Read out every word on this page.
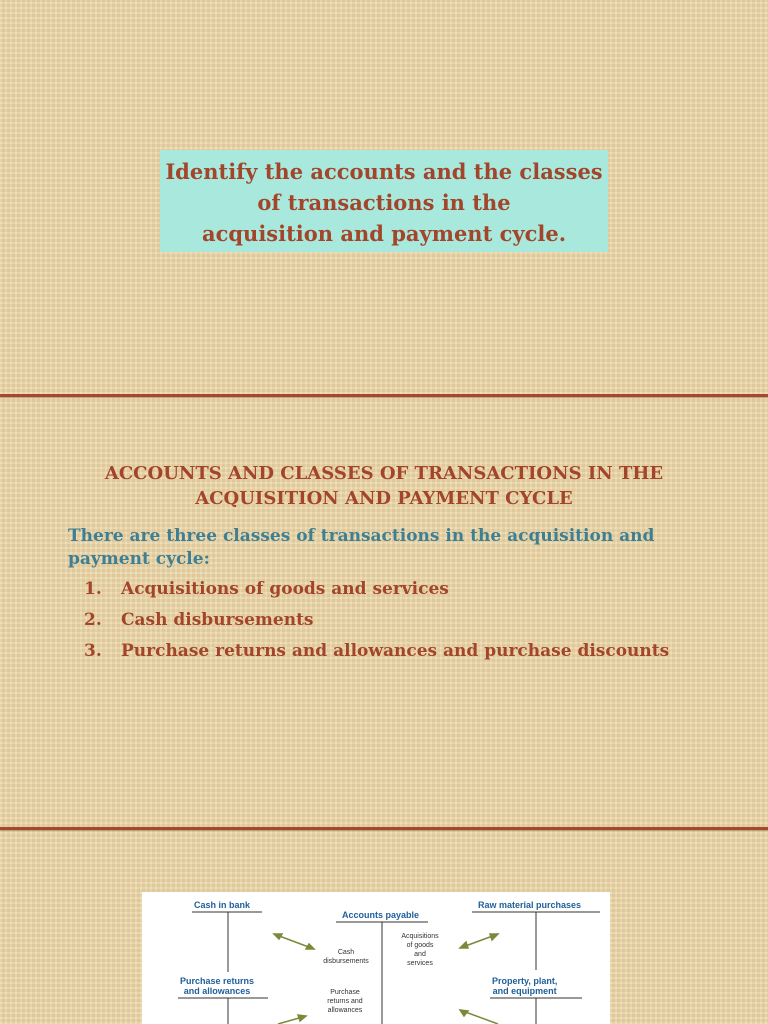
Identify the accounts and the classes
of transactions in the
acquisition and payment cycle.
ACCOUNTS AND CLASSES OF TRANSACTIONS IN THE
ACQUISITION AND PAYMENT CYCLE
There are three classes of transactions in the acquisition and payment cycle:
1.	Acquisitions of goods and services
2.	Cash disbursements
3.	Purchase returns and allowances and purchase discounts
Cash in bank
Accounts payable
Raw material purchases
Purchase returns
and allowances
Property, plant,
and equipment
Cash
disbursements
Acquisitions
of goods
and
services
Purchase
returns and
allowances
